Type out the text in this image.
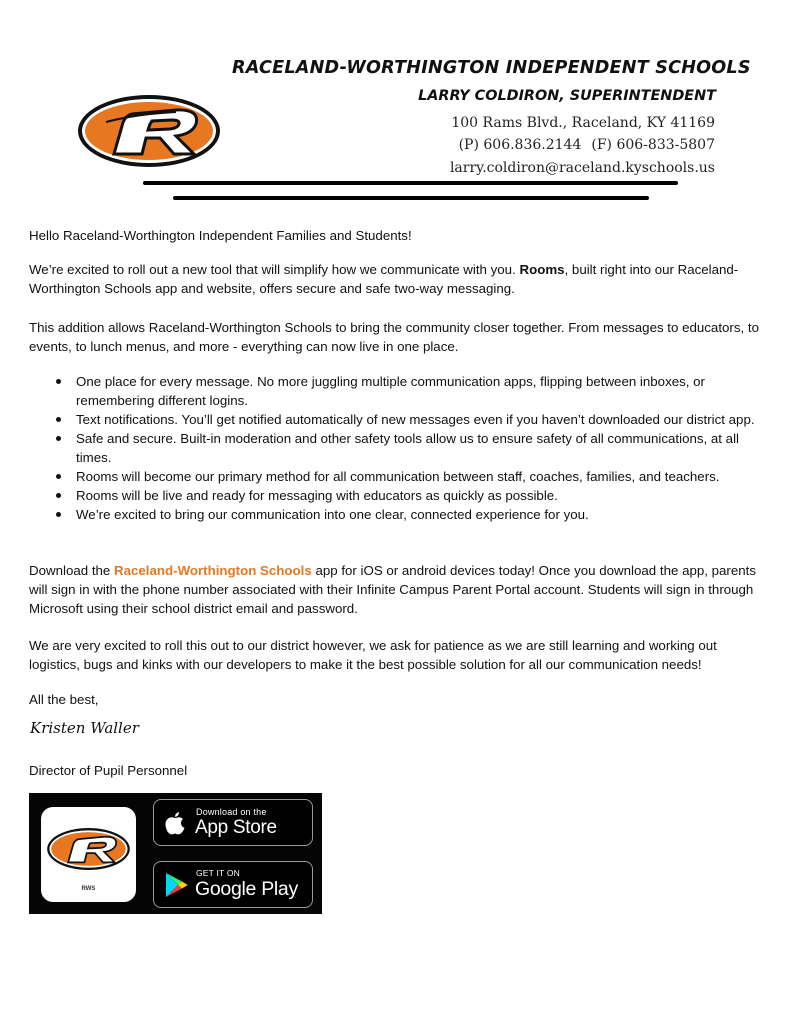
RACELAND-WORTHINGTON INDEPENDENT SCHOOLS
LARRY COLDIRON, SUPERINTENDENT
100 Rams Blvd., Raceland, KY 41169
(P) 606.836.2144 (F) 606-833-5807
larry.coldiron@raceland.kyschools.us
Hello Raceland-Worthington Independent Families and Students!
We’re excited to roll out a new tool that will simplify how we communicate with you. Rooms, built right into our Raceland-Worthington Schools app and website, offers secure and safe two-way messaging.
This addition allows Raceland-Worthington Schools to bring the community closer together. From messages to educators, to events, to lunch menus, and more - everything can now live in one place.
One place for every message. No more juggling multiple communication apps, flipping between inboxes, or remembering different logins.
Text notifications. You’ll get notified automatically of new messages even if you haven’t downloaded our district app.
Safe and secure. Built-in moderation and other safety tools allow us to ensure safety of all communications, at all times.
Rooms will become our primary method for all communication between staff, coaches, families, and teachers.
Rooms will be live and ready for messaging with educators as quickly as possible.
We’re excited to bring our communication into one clear, connected experience for you.
Download the Raceland-Worthington Schools app for iOS or android devices today! Once you download the app, parents will sign in with the phone number associated with their Infinite Campus Parent Portal account. Students will sign in through Microsoft using their school district email and password.
We are very excited to roll this out to our district however, we ask for patience as we are still learning and working out logistics, bugs and kinks with our developers to make it the best possible solution for all our communication needs!
All the best,
Kristen Waller
Director of Pupil Personnel
RWS
Download on the
App Store
GET IT ON
Google Play
